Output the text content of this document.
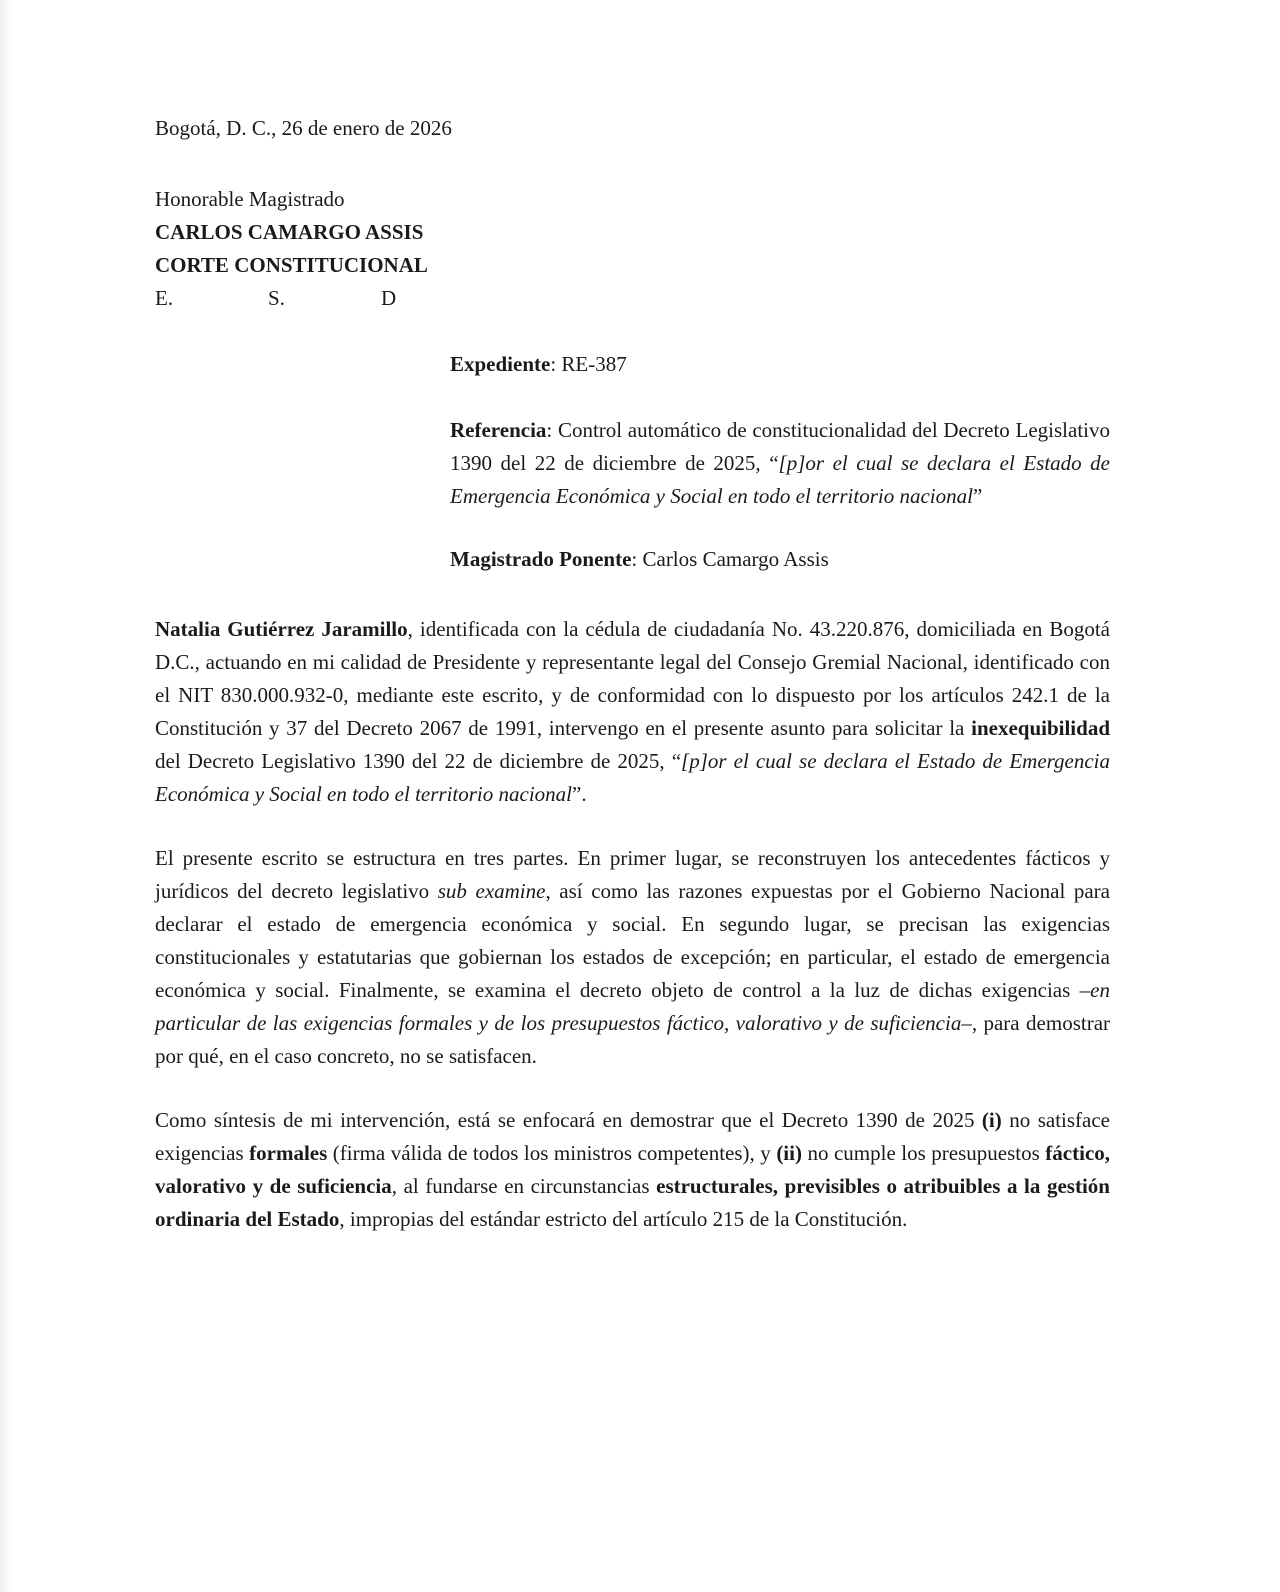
Bogotá, D. C., 26 de enero de 2026

Honorable Magistrado
CARLOS CAMARGO ASSIS
CORTE CONSTITUCIONAL
E.	S.	D

Expediente: RE-387

Referencia: Control automático de constitucionalidad del Decreto Legislativo 1390 del 22 de diciembre de 2025, “[p]or el cual se declara el Estado de Emergencia Económica y Social en todo el territorio nacional”

Magistrado Ponente: Carlos Camargo Assis

Natalia Gutiérrez Jaramillo, identificada con la cédula de ciudadanía No. 43.220.876, domiciliada en Bogotá D.C., actuando en mi calidad de Presidente y representante legal del Consejo Gremial Nacional, identificado con el NIT 830.000.932-0, mediante este escrito, y de conformidad con lo dispuesto por los artículos 242.1 de la Constitución y 37 del Decreto 2067 de 1991, intervengo en el presente asunto para solicitar la inexequibilidad del Decreto Legislativo 1390 del 22 de diciembre de 2025, “[p]or el cual se declara el Estado de Emergencia Económica y Social en todo el territorio nacional”.

El presente escrito se estructura en tres partes. En primer lugar, se reconstruyen los antecedentes fácticos y jurídicos del decreto legislativo sub examine, así como las razones expuestas por el Gobierno Nacional para declarar el estado de emergencia económica y social. En segundo lugar, se precisan las exigencias constitucionales y estatutarias que gobiernan los estados de excepción; en particular, el estado de emergencia económica y social. Finalmente, se examina el decreto objeto de control a la luz de dichas exigencias –en particular de las exigencias formales y de los presupuestos fáctico, valorativo y de suficiencia–, para demostrar por qué, en el caso concreto, no se satisfacen.

Como síntesis de mi intervención, está se enfocará en demostrar que el Decreto 1390 de 2025 (i) no satisface exigencias formales (firma válida de todos los ministros competentes), y (ii) no cumple los presupuestos fáctico, valorativo y de suficiencia, al fundarse en circunstancias estructurales, previsibles o atribuibles a la gestión ordinaria del Estado, impropias del estándar estricto del artículo 215 de la Constitución.
